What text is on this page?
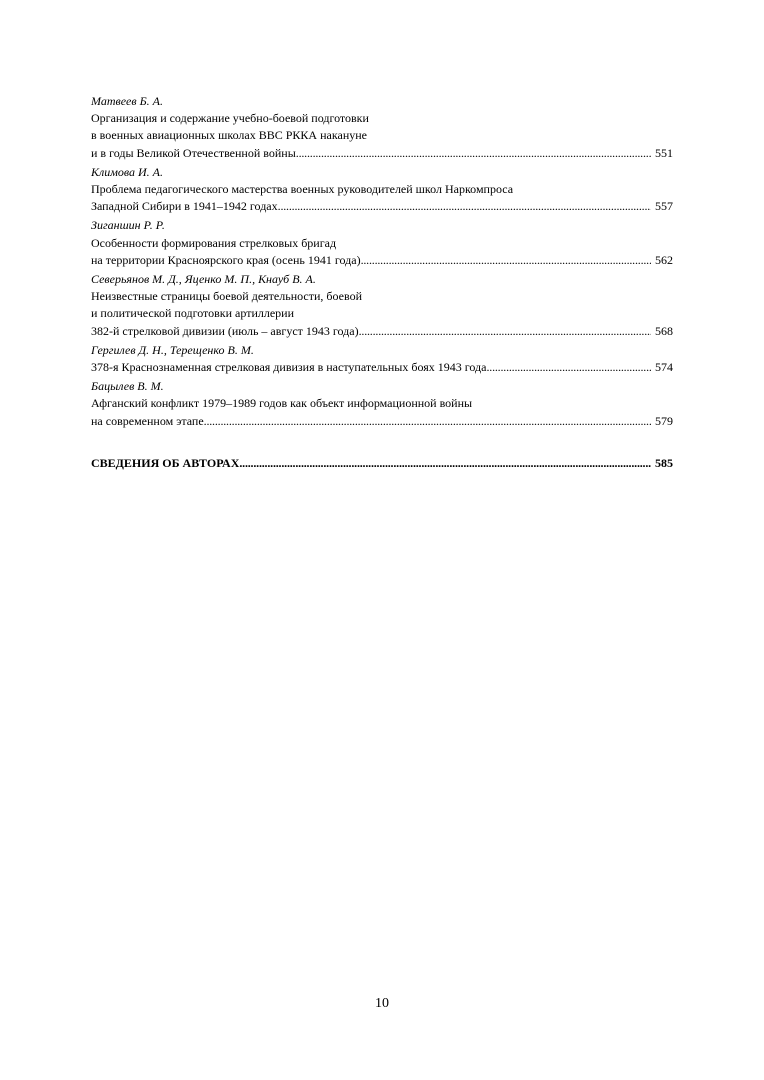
Матвеев Б. А.
Организация и содержание учебно-боевой подготовки
в военных авиационных школах ВВС РККА накануне
и в годы Великой Отечественной войны . . .	551
Климова И. А.
Проблема педагогического мастерства военных руководителей школ Наркомпроса
Западной Сибири в 1941–1942 годах . . .	557
Зиганшин Р. Р.
Особенности формирования стрелковых бригад
на территории Красноярского края (осень 1941 года) . . .	562
Северьянов М. Д., Яценко М. П., Кнауб В. А.
Неизвестные страницы боевой деятельности, боевой
и политической подготовки артиллерии
382-й стрелковой дивизии (июль – август 1943 года) . . .	568
Гергилев Д. Н., Терещенко В. М.
378-я Краснознаменная стрелковая дивизия в наступательных боях 1943 года . . .	574
Бацылев В. М.
Афганский конфликт 1979–1989 годов как объект информационной войны
на современном этапе . . .	579
СВЕДЕНИЯ ОБ АВТОРАХ . . .	585
10
